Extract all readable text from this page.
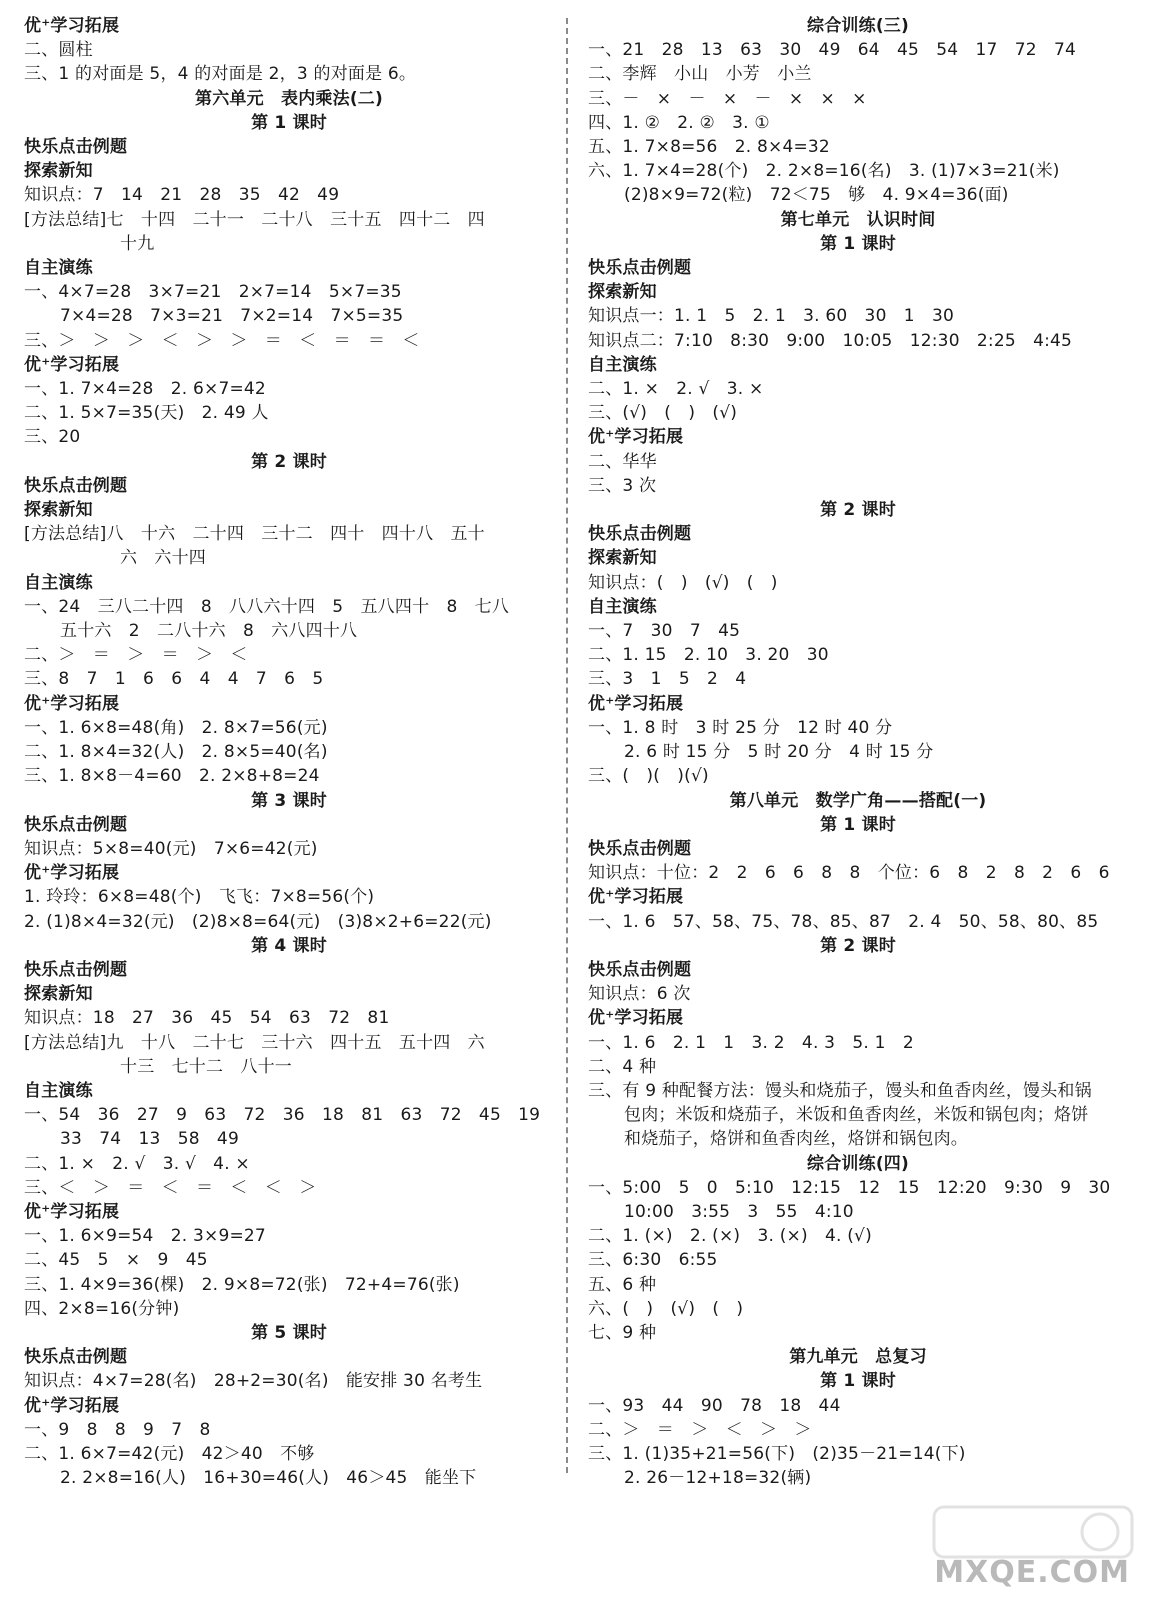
优⁺学习拓展
二、圆柱
三、1 的对面是 5，4 的对面是 2，3 的对面是 6。
第六单元　表内乘法(二)
第 1 课时
快乐点击例题
探索新知
知识点：7　14　21　28　35　42　49
[方法总结]七　十四　二十一　二十八　三十五　四十二　四
十九
自主演练
一、4×7=28　3×7=21　2×7=14　5×7=35
7×4=28　7×3=21　7×2=14　7×5=35
三、＞　＞　＞　＜　＞　＞　＝　＜　＝　＝　＜
优⁺学习拓展
一、1. 7×4=28　2. 6×7=42
二、1. 5×7=35(天)　2. 49 人
三、20
第 2 课时
快乐点击例题
探索新知
[方法总结]八　十六　二十四　三十二　四十　四十八　五十
六　六十四
自主演练
一、24　三八二十四　8　八八六十四　5　五八四十　8　七八
五十六　2　二八十六　8　六八四十八
二、＞　＝　＞　＝　＞　＜
三、8　7　1　6　6　4　4　7　6　5
优⁺学习拓展
一、1. 6×8=48(角)　2. 8×7=56(元)
二、1. 8×4=32(人)　2. 8×5=40(名)
三、1. 8×8－4=60　2. 2×8+8=24
第 3 课时
快乐点击例题
知识点：5×8=40(元)　7×6=42(元)
优⁺学习拓展
1. 玲玲：6×8=48(个)　飞飞：7×8=56(个)
2. (1)8×4=32(元)　(2)8×8=64(元)　(3)8×2+6=22(元)
第 4 课时
快乐点击例题
探索新知
知识点：18　27　36　45　54　63　72　81
[方法总结]九　十八　二十七　三十六　四十五　五十四　六
十三　七十二　八十一
自主演练
一、54　36　27　9　63　72　36　18　81　63　72　45　19
33　74　13　58　49
二、1. ×　2. √　3. √　4. ×
三、＜　＞　＝　＜　＝　＜　＜　＞
优⁺学习拓展
一、1. 6×9=54　2. 3×9=27
二、45　5　×　9　45
三、1. 4×9=36(棵)　2. 9×8=72(张)　72+4=76(张)
四、2×8=16(分钟)
第 5 课时
快乐点击例题
知识点：4×7=28(名)　28+2=30(名)　能安排 30 名考生
优⁺学习拓展
一、9　8　8　9　7　8
二、1. 6×7=42(元)　42＞40　不够
2. 2×8=16(人)　16+30=46(人)　46＞45　能坐下
综合训练(三)
一、21　28　13　63　30　49　64　45　54　17　72　74
二、李辉　小山　小芳　小兰
三、－　×　－　×　－　×　×　×
四、1. ②　2. ②　3. ①
五、1. 7×8=56　2. 8×4=32
六、1. 7×4=28(个)　2. 2×8=16(名)　3. (1)7×3=21(米)
(2)8×9=72(粒)　72＜75　够　4. 9×4=36(面)
第七单元　认识时间
第 1 课时
快乐点击例题
探索新知
知识点一：1. 1　5　2. 1　3. 60　30　1　30
知识点二：7:10　8:30　9:00　10:05　12:30　2:25　4:45
自主演练
二、1. ×　2. √　3. ×
三、(√)　(　)　(√)
优⁺学习拓展
二、华华
三、3 次
第 2 课时
快乐点击例题
探索新知
知识点：(　)　(√)　(　)
自主演练
一、7　30　7　45
二、1. 15　2. 10　3. 20　30
三、3　1　5　2　4
优⁺学习拓展
一、1. 8 时　3 时 25 分　12 时 40 分
2. 6 时 15 分　5 时 20 分　4 时 15 分
三、(　)(　)(√)
第八单元　数学广角——搭配(一)
第 1 课时
快乐点击例题
知识点：十位：2　2　6　6　8　8　个位：6　8　2　8　2　6　6
优⁺学习拓展
一、1. 6　57、58、75、78、85、87　2. 4　50、58、80、85
第 2 课时
快乐点击例题
知识点：6 次
优⁺学习拓展
一、1. 6　2. 1　1　3. 2　4. 3　5. 1　2
二、4 种
三、有 9 种配餐方法：馒头和烧茄子，馒头和鱼香肉丝，馒头和锅
包肉；米饭和烧茄子，米饭和鱼香肉丝，米饭和锅包肉；烙饼
和烧茄子，烙饼和鱼香肉丝，烙饼和锅包肉。
综合训练(四)
一、5:00　5　0　5:10　12:15　12　15　12:20　9:30　9　30
10:00　3:55　3　55　4:10
二、1. (×)　2. (×)　3. (×)　4. (√)
三、6:30　6:55
五、6 种
六、(　)　(√)　(　)
七、9 种
第九单元　总复习
第 1 课时
一、93　44　90　78　18　44
二、＞　＝　＞　＜　＞　＞
三、1. (1)35+21=56(下)　(2)35－21=14(下)
2. 26－12+18=32(辆)
MXQE.COM
